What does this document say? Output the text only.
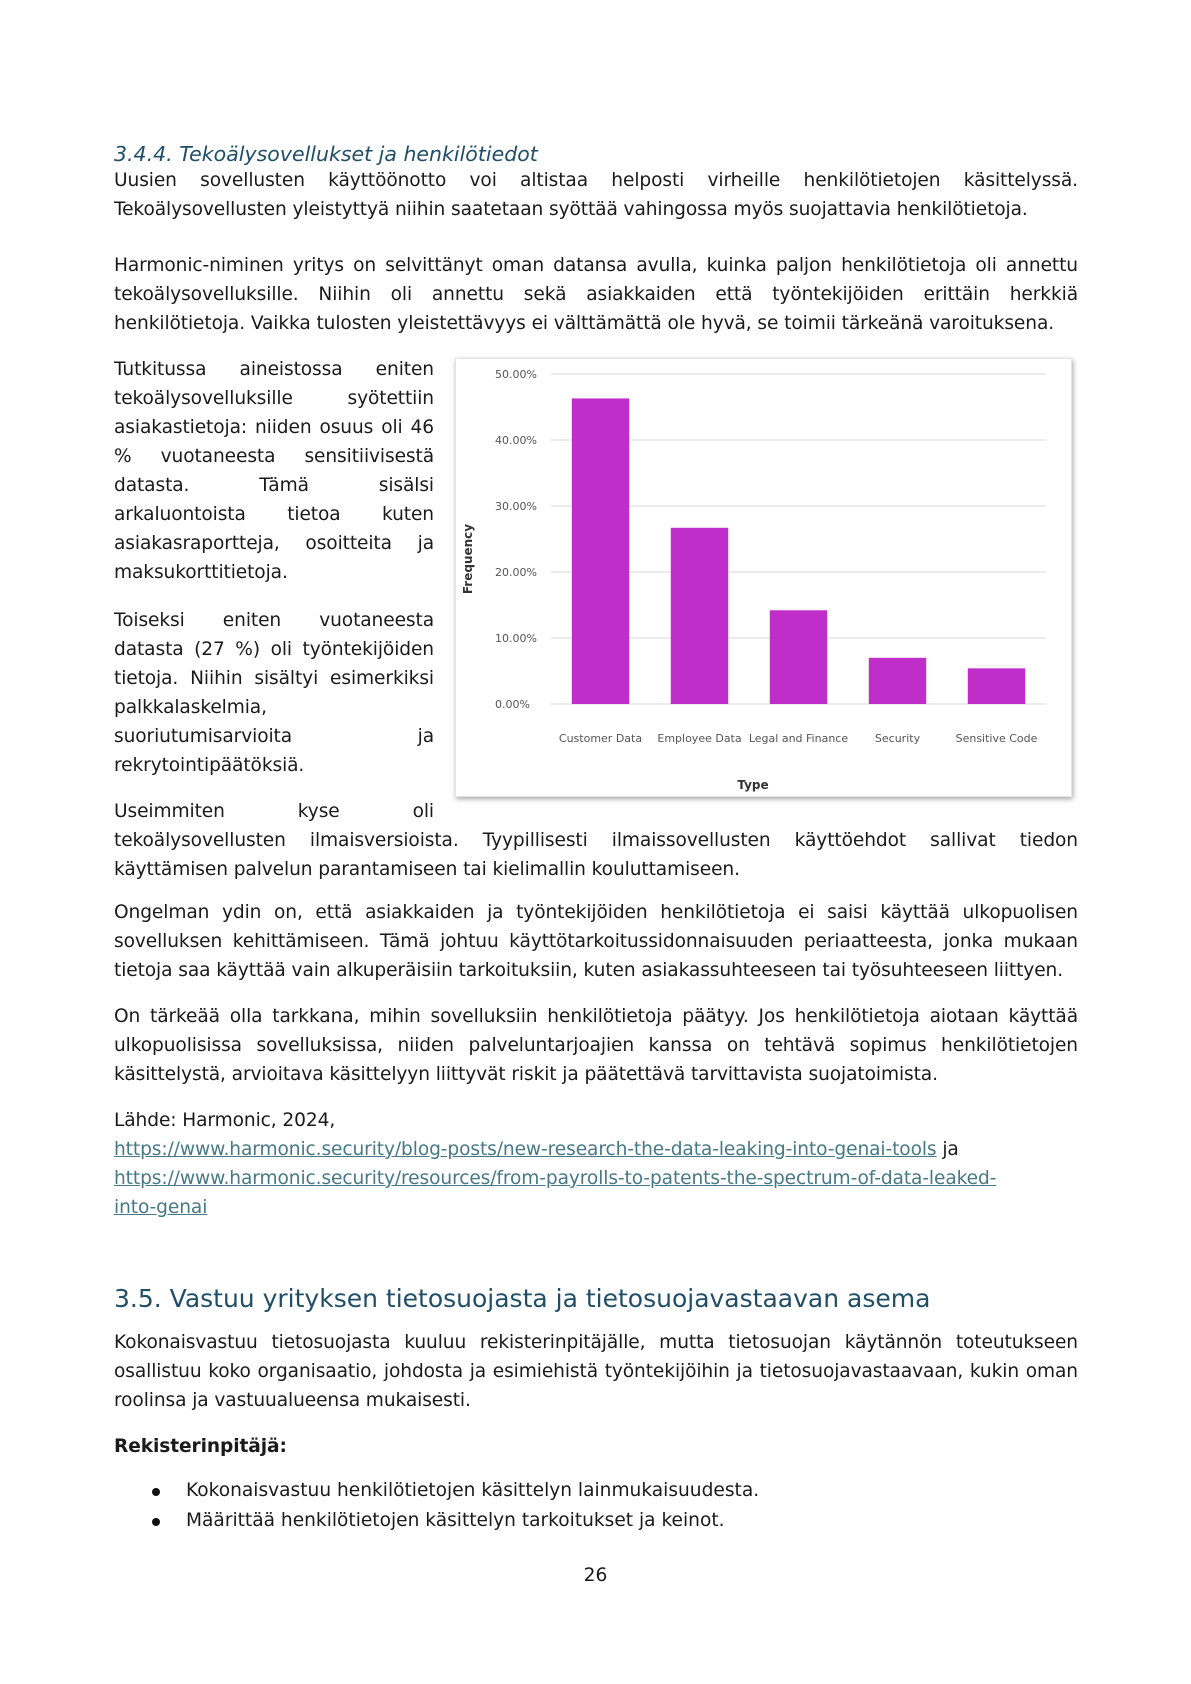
3.4.4. Tekoälysovellukset ja henkilötiedot

Uusien sovellusten käyttöönotto voi altistaa helposti virheille henkilötietojen käsittelyssä. Tekoälysovellusten yleistyttyä niihin saatetaan syöttää vahingossa myös suojattavia henkilötietoja.

Harmonic-niminen yritys on selvittänyt oman datansa avulla, kuinka paljon henkilötietoja oli annettu tekoälysovelluksille. Niihin oli annettu sekä asiakkaiden että työntekijöiden erittäin herkkiä henkilötietoja. Vaikka tulosten yleistettävyys ei välttämättä ole hyvä, se toimii tärkeänä varoituksena.

Tutkitussa aineistossa eniten tekoälysovelluksille syötettiin asiakastietoja: niiden osuus oli 46 % vuotaneesta sensitiivisestä datasta. Tämä sisälsi arkaluontoista tietoa kuten asiakasraportteja, osoitteita ja maksukorttitietoja.

Toiseksi eniten vuotaneesta datasta (27 %) oli työntekijöiden tietoja. Niihin sisältyi esimerkiksi palkkalaskelmia, suoriutumisarvioita ja rekrytointipäätöksiä.

Useimmiten kyse oli

tekoälysovellusten ilmaisversioista. Tyypillisesti ilmaissovellusten käyttöehdot sallivat tiedon käyttämisen palvelun parantamiseen tai kielimallin kouluttamiseen.

0.00%
10.00%
20.00%
30.00%
40.00%
50.00%
Customer Data Employee Data Legal and Finance Security	Sensitive Code
Frequency
Type

Ongelman ydin on, että asiakkaiden ja työntekijöiden henkilötietoja ei saisi käyttää ulkopuolisen sovelluksen kehittämiseen. Tämä johtuu käyttötarkoitussidonnaisuuden periaatteesta, jonka mukaan tietoja saa käyttää vain alkuperäisiin tarkoituksiin, kuten asiakassuhteeseen tai työsuhteeseen liittyen.

On tärkeää olla tarkkana, mihin sovelluksiin henkilötietoja päätyy. Jos henkilötietoja aiotaan käyttää ulkopuolisissa sovelluksissa, niiden palveluntarjoajien kanssa on tehtävä sopimus henkilötietojen käsittelystä, arvioitava käsittelyyn liittyvät riskit ja päätettävä tarvittavista suojatoimista.

Lähde: Harmonic, 2024,
https://www.harmonic.security/blog-posts/new-research-the-data-leaking-into-genai-tools ja
https://www.harmonic.security/resources/from-payrolls-to-patents-the-spectrum-of-data-leaked-
into-genai

3.5. Vastuu yrityksen tietosuojasta ja tietosuojavastaavan asema

Kokonaisvastuu tietosuojasta kuuluu rekisterinpitäjälle, mutta tietosuojan käytännön toteutukseen osallistuu koko organisaatio, johdosta ja esimiehistä työntekijöihin ja tietosuojavastaavaan, kukin oman roolinsa ja vastuualueensa mukaisesti.

Rekisterinpitäjä:

Kokonaisvastuu henkilötietojen käsittelyn lainmukaisuudesta.
Määrittää henkilötietojen käsittelyn tarkoitukset ja keinot.
26
